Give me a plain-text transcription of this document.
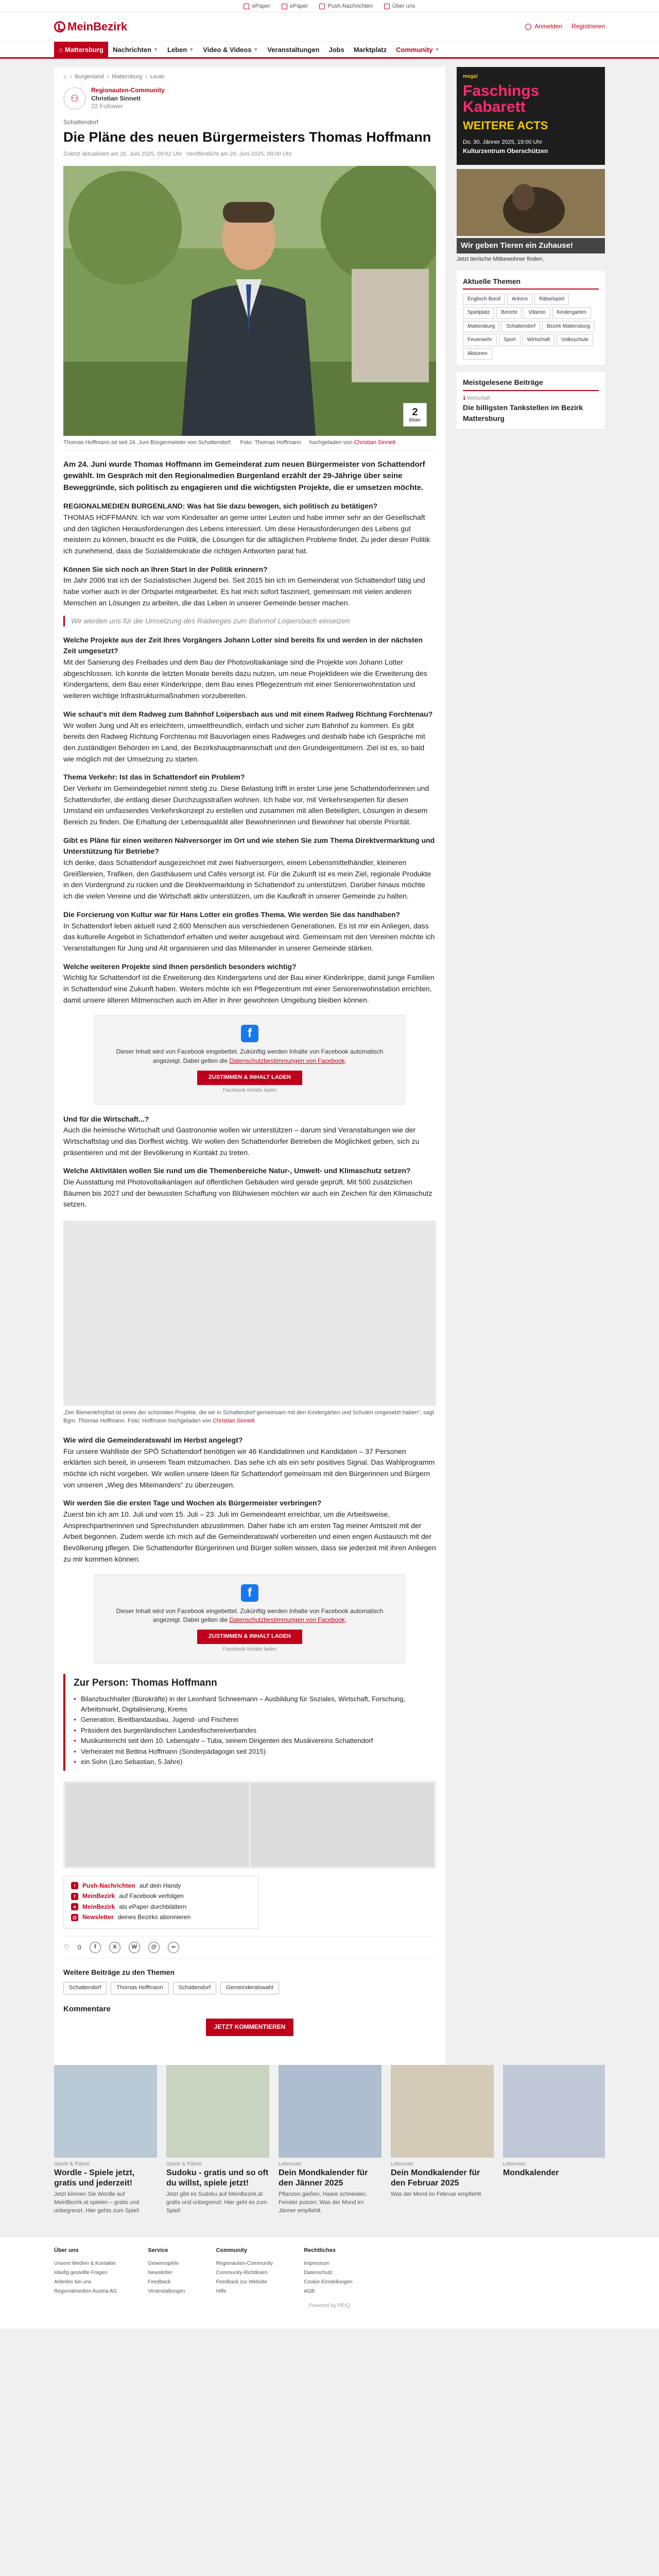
ePaper	ePaper	Push-Nachrichten	Über uns
MeinBezirk	Anmelden Registrieren
⌂ Mattersburg Nachrichten ▼ Leben ▼ Video & Videos ▼ Veranstaltungen Jobs Marktplatz Community ▼
⌂ › Burgenland › Mattersburg › Leute
⚇
Regionauten-Community
Christian Sinnett
22 Follower
Schattendorf
Die Pläne des neuen Bürgermeisters Thomas Hoffmann
Zuletzt aktualisiert am 26. Juni 2025, 09:02 Uhr Veröffentlicht am 26. Juni 2025, 09:00 Uhr
2
Bilder
Thomas Hoffmann ist seit 24. Juni Bürgermeister von Schattendorf. Foto: Thomas Hoffmann hochgeladen von Christian Sinnett

Am 24. Juni wurde Thomas Hoffmann im Gemeinderat zum neuen Bürgermeister von Schattendorf gewählt. Im Gespräch mit den Regionalmedien Burgenland erzählt der 29-Jährige über seine Beweggründe, sich politisch zu engagieren und die wichtigsten Projekte, die er umsetzen möchte.

REGIONALMEDIEN BURGENLAND: Was hat Sie dazu bewogen, sich politisch zu betätigen?
THOMAS HOFFMANN: Ich war vom Kindesalter an gerne unter Leuten und habe immer sehr an der Gesellschaft und den täglichen Herausforderungen des Lebens interessiert. Um diese Herausforderungen des Lebens gut meistern zu können, braucht es die Politik, die Lösungen für die alltäglichen Probleme findet. Zu jeder dieser Politik ich zunehmend, dass die Sozialdemokratie die richtigen Antworten parat hat.

Können Sie sich noch an Ihren Start in der Politik erinnern?
Im Jahr 2006 trat ich der Sozialistischen Jugend bei. Seit 2015 bin ich im Gemeinderat von Schattendorf tätig und habe vorher auch in der Ortspartei mitgearbeitet. Es hat mich sofort fasziniert, gemeinsam mit vielen anderen Menschen an Lösungen zu arbeiten, die das Leben in unserer Gemeinde besser machen.

Wir werden uns für die Umsetzung des Radweges zum Bahnhof Loipersbach einsetzen

Welche Projekte aus der Zeit Ihres Vorgängers Johann Lotter sind bereits fix und werden in der nächsten Zeit umgesetzt?
Mit der Sanierung des Freibades und dem Bau der Photovoltaikanlage sind die Projekte von Johann Lotter abgeschlossen. Ich konnte die letzten Monate bereits dazu nutzen, um neue Projektideen wie die Erweiterung des Kindergartens, dem Bau einer Kinderkrippe, dem Bau eines Pflegezentrum mit einer Seniorenwohnstation und weiteren wichtige Infrastrukturmaßnahmen vorzubereiten.

Wie schaut's mit dem Radweg zum Bahnhof Loipersbach aus und mit einem Radweg Richtung Forchtenau?
Wir wollen Jung und Alt es erleichtern, umweltfreundlich, einfach und sicher zum Bahnhof zu kommen. Es gibt bereits den Radweg Richtung Forchtenau mit Bauvorlagen eines Radweges und deshalb habe ich Gespräche mit den zuständigen Behörden im Land, der Bezirkshauptmannschaft und den Grundeigentümern. Ziel ist es, so bald wie möglich mit der Umsetzung zu starten.

Thema Verkehr: Ist das in Schattendorf ein Problem?
Der Verkehr im Gemeindegebiet nimmt stetig zu. Diese Belastung trifft in erster Linie jene Schattendorferinnen und Schattendorfer, die entlang dieser Durchzugsstraßen wohnen. Ich habe vor, mit Verkehrsexperten für diesen Umstand ein umfassendes Verkehrskonzept zu erstellen und zusammen mit allen Beteiligten, Lösungen in diesem Bereich zu finden. Die Erhaltung der Lebensqualität aller Bewohnerinnen und Bewohner hat oberste Priorität.

Gibt es Pläne für einen weiteren Nahversorger im Ort und wie stehen Sie zum Thema Direktvermarktung und Unterstützung für Betriebe?
Ich denke, dass Schattendorf ausgezeichnet mit zwei Nahversorgern, einem Lebensmittelhändler, kleineren Greißlereien, Trafiken, den Gasthäusern und Cafés versorgt ist. Für die Zukunft ist es mein Ziel, regionale Produkte in den Vordergrund zu rücken und die Direktvermarktung in Schattendorf zu unterstützen. Darüber hinaus möchte ich die vielen Vereine und die Wirtschaft aktiv unterstützen, um die Kaufkraft in unserer Gemeinde zu halten.

Die Forcierung von Kultur war für Hans Lotter ein großes Thema. Wie werden Sie das handhaben?
In Schattendorf leben aktuell rund 2.600 Menschen aus verschiedenen Generationen. Es ist mir ein Anliegen, dass das kulturelle Angebot in Schattendorf erhalten und weiter ausgebaut wird. Gemeinsam mit den Vereinen möchte ich Veranstaltungen für Jung und Alt organisieren und das Miteinander in unserer Gemeinde stärken.

Welche weiteren Projekte sind Ihnen persönlich besonders wichtig?
Wichtig für Schattendorf ist die Erweiterung des Kindergartens und der Bau einer Kinderkrippe, damit junge Familien in Schattendorf eine Zukunft haben. Weiters möchte ich ein Pflegezentrum mit einer Seniorenwohnstation errichten, damit unsere älteren Mitmenschen auch im Alter in ihrer gewohnten Umgebung bleiben können.

f
Dieser Inhalt wird von Facebook eingebettet. Zukünftig werden Inhalte von Facebook automatisch angezeigt. Dabei gelten die Datenschutzbestimmungen von Facebook.
ZUSTIMMEN & INHALT LADEN
Facebook-Inhalte laden

Und für die Wirtschaft...?
Auch die heimische Wirtschaft und Gastronomie wollen wir unterstützen – darum sind Veranstaltungen wie der Wirtschaftstag und das Dorffest wichtig. Wir wollen den Schattendorfer Betrieben die Möglichkeit geben, sich zu präsentieren und mit der Bevölkerung in Kontakt zu treten.

Welche Aktivitäten wollen Sie rund um die Themenbereiche Natur-, Umwelt- und Klimaschutz setzen?
Die Ausstattung mit Photovoltaikanlagen auf öffentlichen Gebäuden wird gerade geprüft. Mit 500 zusätzlichen Bäumen bis 2027 und der bewussten Schaffung von Blühwiesen möchten wir auch ein Zeichen für den Klimaschutz setzen.

„Der Bienenlehrpfad ist eines der schönsten Projekte, die wir in Schattendorf gemeinsam mit den Kindergärten und Schulen umgesetzt haben", sagt Bgm. Thomas Hoffmann. Foto: Hoffmann hochgeladen von Christian Sinnett

Wie wird die Gemeinderatswahl im Herbst angelegt?
Für unsere Wahlliste der SPÖ Schattendorf benötigen wir 46 Kandidatinnen und Kandidaten – 37 Personen erklärten sich bereit, in unserem Team mitzumachen. Das sehe ich als ein sehr positives Signal. Das Wahlprogramm möchte ich nicht vorgeben. Wir wollen unsere Ideen für Schattendorf gemeinsam mit den Bürgerinnen und Bürgern von unseren „Wieg des Miteinanders“ zu überzeugen.

Wir werden Sie die ersten Tage und Wochen als Bürgermeister verbringen?
Zuerst bin ich am 10. Juli und vom 15. Juli – 23. Juli im Gemeindeamt erreichbar, um die Arbeitsweise, Ansprechpartnerinnen und Sprechstunden abzustimmen. Daher habe ich am ersten Tag meiner Amtszeit mit der Arbeit begonnen. Zudem werde ich mich auf die Gemeinderatswahl vorbereiten und einen engen Austausch mit der Bevölkerung pflegen. Die Schattendorfer Bürgerinnen und Bürger sollen wissen, dass sie jederzeit mit ihren Anliegen zu mir kommen können.

f
Dieser Inhalt wird von Facebook eingebettet. Zukünftig werden Inhalte von Facebook automatisch angezeigt. Dabei gelten die Datenschutzbestimmungen von Facebook.
ZUSTIMMEN & INHALT LADEN
Facebook-Inhalte laden
Zur Person: Thomas Hoffmann
• Bilanzbuchhalter (Bürokräfte) in der Leonhard Schneemann – Ausbildung für Soziales, Wirtschaft, Forschung, Arbeitsmarkt, Digitalisierung, Krems
• Generation, Breitbandausbau, Jugend- und Fischerei
• Präsident des burgenländischen Landesfischereiverbandes
• Musikunterricht seit dem 10. Lebensjahr – Tuba, seinem Dirigenten des Musikvereins Schattendorf
• Verheiratet mit Bettina Hoffmann (Sonderpädagogin seit 2015)
• ein Sohn (Leo Sebastian, 5 Jahre)
!	Push-Nachrichten auf dein Handy
f	MeinBezirk auf Facebook verfolgen
e	MeinBezirk als ePaper durchblättern
@ Newsletter deines Bezirks abonnieren
♡ 0	f	X	W	@	∞
Weitere Beiträge zu den Themen
Schattendorf	Thomas Hoffmann	Schattendorf	Gemeinderatswahl
Kommentare
JETZT KOMMENTIEREN
mega!
Faschings Kabarett
WEITERE ACTS
Do. 30. Jänner 2025, 19:00 Uhr
Kulturzentrum Oberschützen
Wir geben Tieren ein Zuhause!
Jetzt tierische Mitbewohner finden.
Aktuelle Themen
Englisch Bund	Antons	Rätselspiel
Spielplatz	Bericht	Vitamin	Kindergarten
Mattersburg	Schattendorf	Bezirk Mattersburg
Feuerwehr	Sport	Wirtschaft	Volksschule
Aktionen
Meistgelesene Beiträge
1 Wirtschaft
Die billigsten Tankstellen im Bezirk Mattersburg
Spiele & Rätsel
Wordle - Spiele jetzt, gratis und jederzeit!
Jetzt können Sie Wordle auf MeinBezirk.at spielen – gratis und unbegrenzt. Hier gehts zum Spiel!
Spiele & Rätsel
Sudoku - gratis und so oft du willst, spiele jetzt!
Jetzt gibt es Sudoku auf MeinBezirk.at gratis und unbegrenzt. Hier geht es zum Spiel!
Lebensart
Dein Mondkalender für den Jänner 2025
Pflanzen gießen, Haare schneiden, Fenster putzen: Was der Mond im Jänner empfiehlt.
Lebensart
Dein Mondkalender für den Februar 2025
Was der Mond im Februar empfiehlt.
Lebensart
Mondkalender
Über uns
Unsere Medien & Kontakte
Häufig gestellte Fragen
Arbeiten bei uns
Regionalmedien Austria AG
Service
Gewinnspiele
Newsletter
Feedback
Veranstaltungen
Community
Regionauten-Community
Community-Richtlinien
Feedback zur Website
Hilfe
Rechtliches
Impressum
Datenschutz
Cookie-Einstellungen
AGB
Powered by PEIQ
